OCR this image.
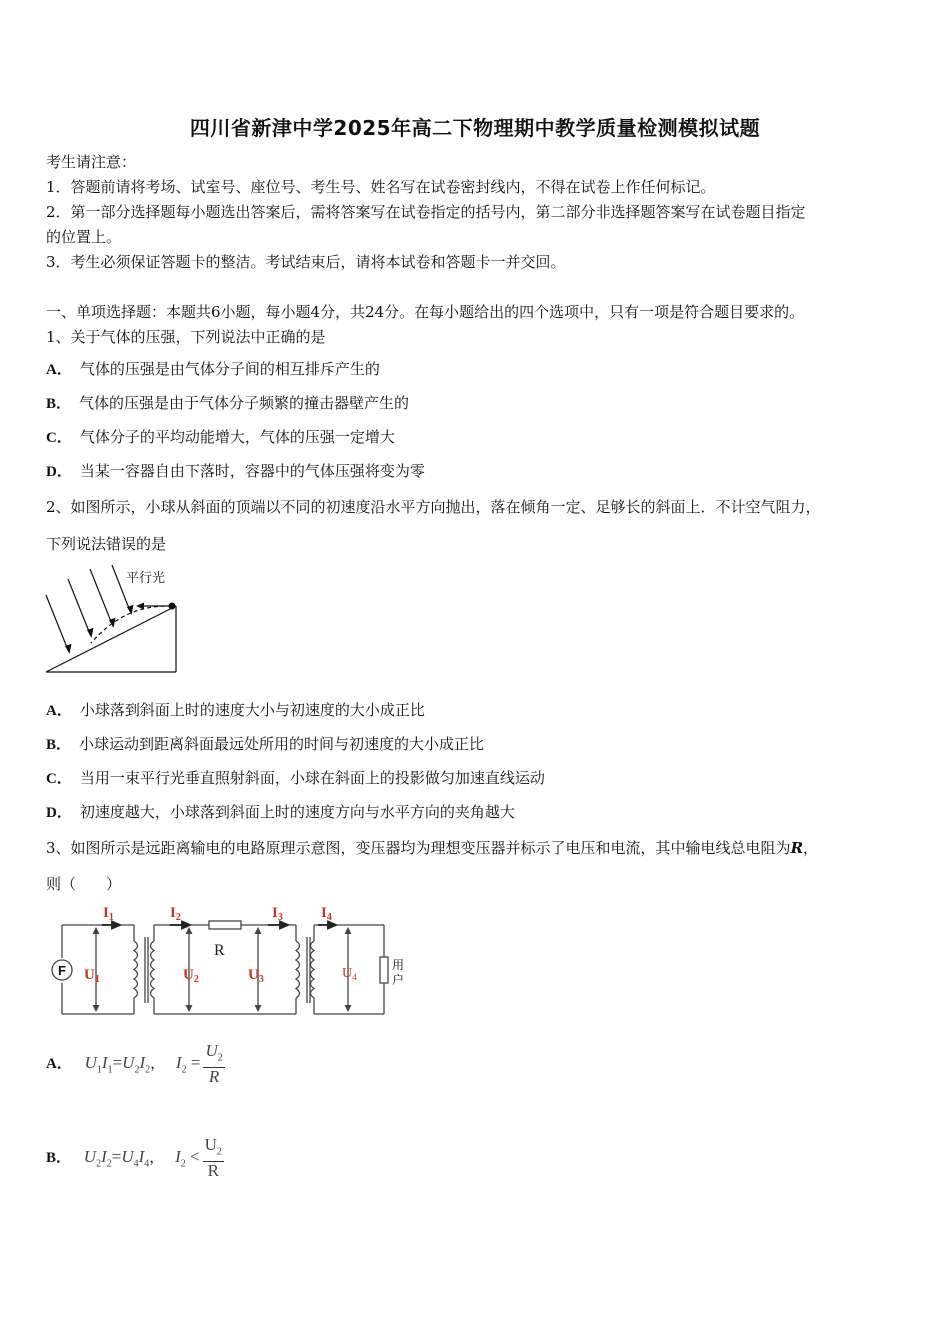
四川省新津中学2025年高二下物理期中教学质量检测模拟试题
考生请注意：
1．答题前请将考场、试室号、座位号、考生号、姓名写在试卷密封线内，不得在试卷上作任何标记。
2．第一部分选择题每小题选出答案后，需将答案写在试卷指定的括号内，第二部分非选择题答案写在试卷题目指定
的位置上。
3．考生必须保证答题卡的整洁。考试结束后，请将本试卷和答题卡一并交回。
一、单项选择题：本题共6小题，每小题4分，共24分。在每小题给出的四个选项中，只有一项是符合题目要求的。
1、关于气体的压强，下列说法中正确的是
A． 气体的压强是由气体分子间的相互排斥产生的
B． 气体的压强是由于气体分子频繁的撞击器壁产生的
C． 气体分子的平均动能增大，气体的压强一定增大
D． 当某一容器自由下落时，容器中的气体压强将变为零
2、如图所示，小球从斜面的顶端以不同的初速度沿水平方向抛出，落在倾角一定、足够长的斜面上．不计空气阻力，
下列说法错误的是
平行光
A． 小球落到斜面上时的速度大小与初速度的大小成正比
B． 小球运动到距离斜面最远处所用的时间与初速度的大小成正比
C． 当用一束平行光垂直照射斜面，小球在斜面上的投影做匀加速直线运动
D． 初速度越大，小球落到斜面上时的速度方向与水平方向的夹角越大
3、如图所示是远距离输电的电路原理示意图，变压器均为理想变压器并标示了电压和电流，其中输电线总电阻为R，
则（　　）
F
$I_1$	$I_2$	$I_3$	$I_4$
$U_1$	$U_2$	$U_3$	$U_4$
R
用
户
A． $U_1I_1=U_2I_2$， $I_2 = \frac{U_2}{R}$
B． $U_2I_2=U_4I_4$， $I_2 < \frac{U_2}{R}$
